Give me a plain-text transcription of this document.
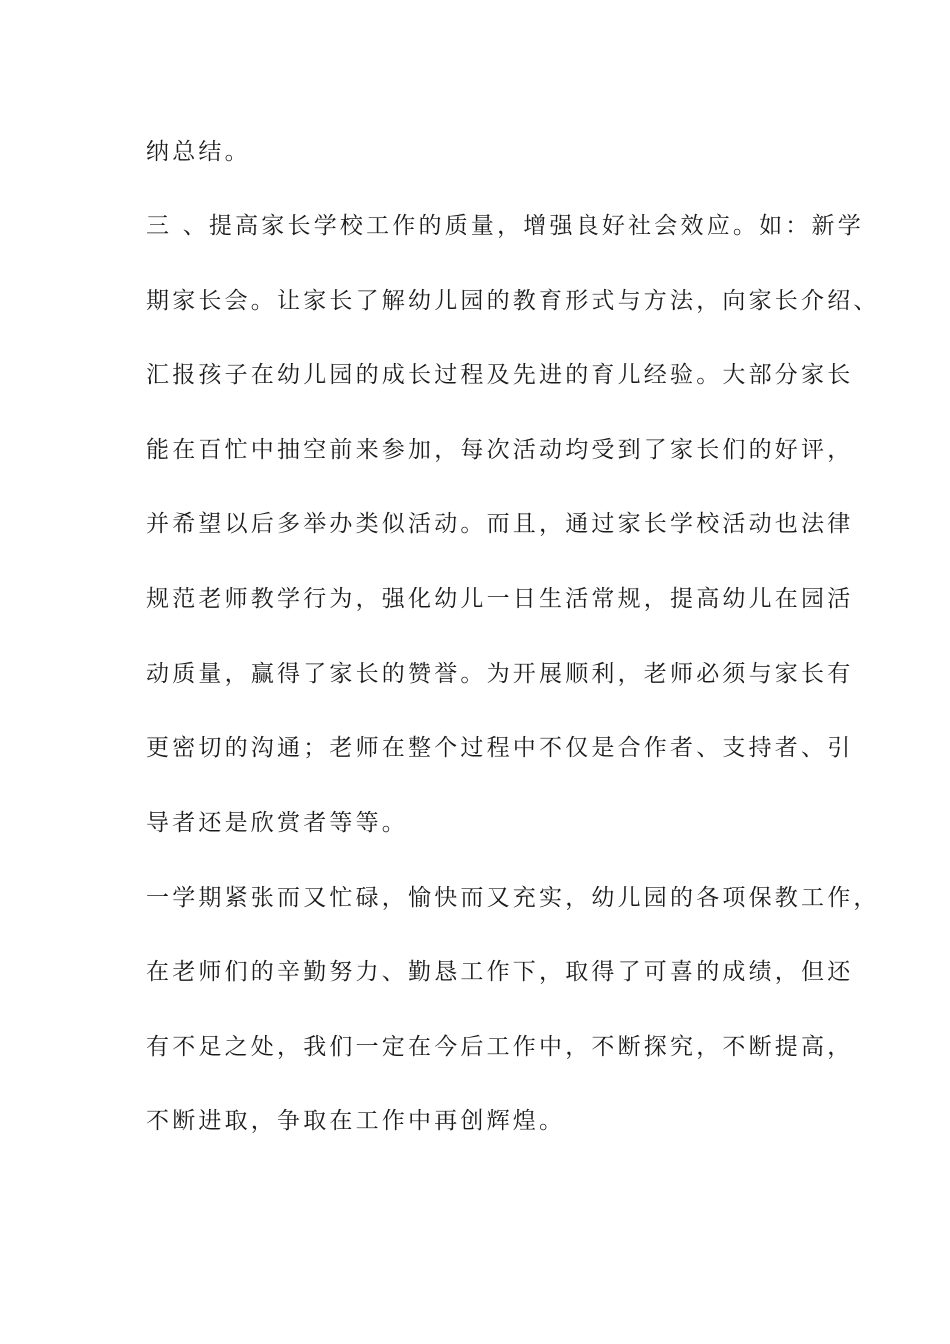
纳总结。
三 、提高家长学校工作的质量，增强良好社会效应。如：新学
期家长会。让家长了解幼儿园的教育形式与方法，向家长介绍、
汇报孩子在幼儿园的成长过程及先进的育儿经验。大部分家长
能在百忙中抽空前来参加，每次活动均受到了家长们的好评，
并希望以后多举办类似活动。而且，通过家长学校活动也法律
规范老师教学行为，强化幼儿一日生活常规，提高幼儿在园活
动质量，赢得了家长的赞誉。为开展顺利，老师必须与家长有
更密切的沟通；老师在整个过程中不仅是合作者、支持者、引
导者还是欣赏者等等。
一学期紧张而又忙碌，愉快而又充实，幼儿园的各项保教工作，
在老师们的辛勤努力、勤恳工作下，取得了可喜的成绩，但还
有不足之处，我们一定在今后工作中，不断探究，不断提高，
不断进取，争取在工作中再创辉煌。
